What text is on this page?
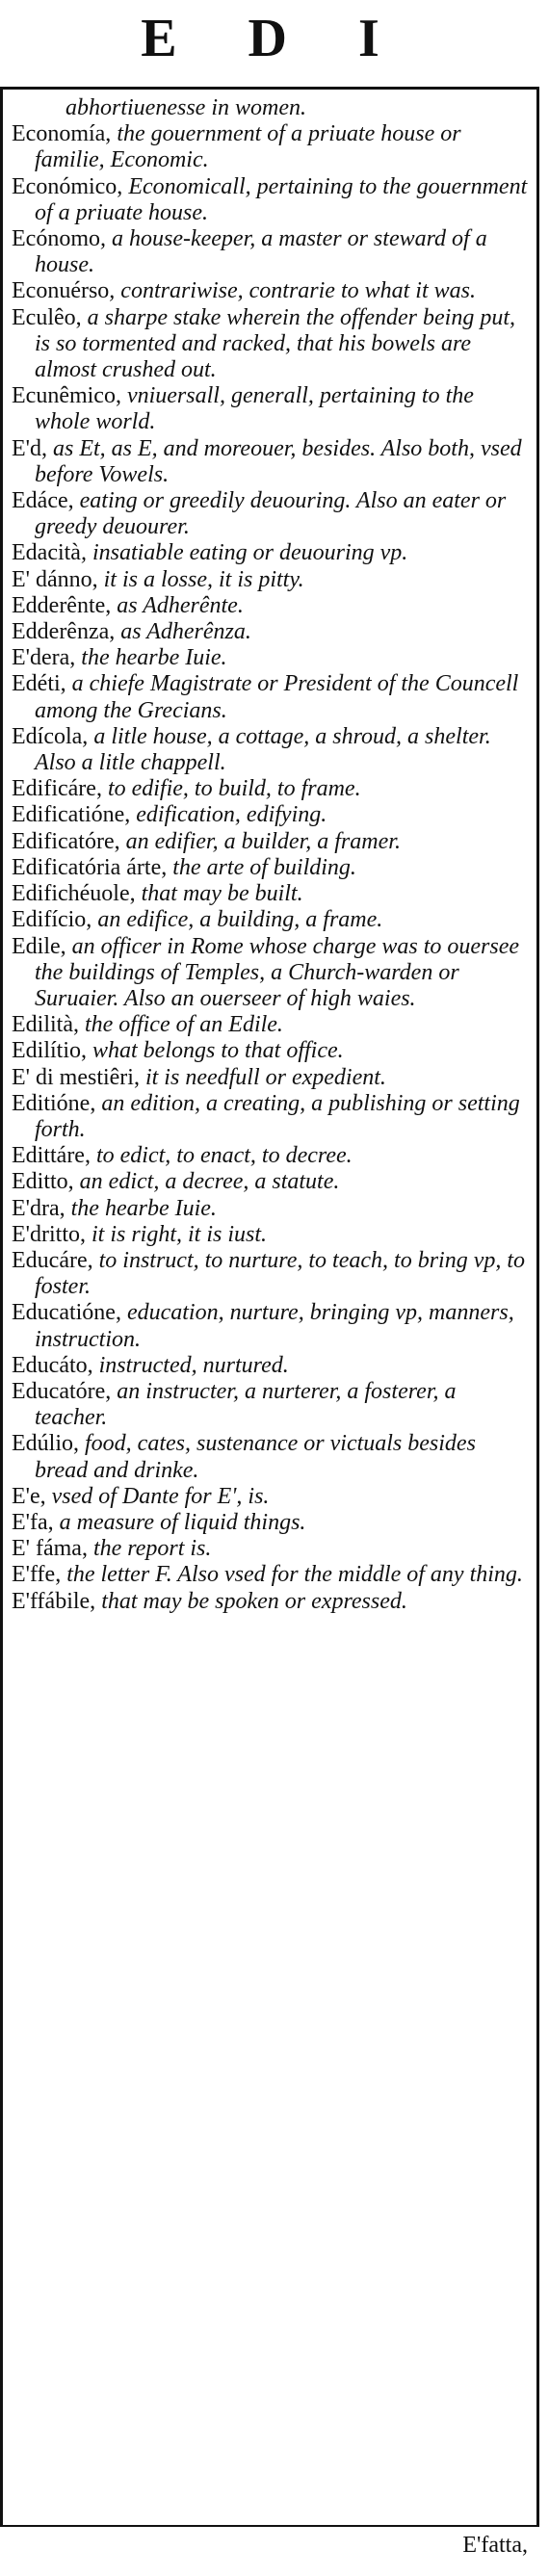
E D I

abhortiuenesse in women.

Economía, the gouernment of a priuate house or familie, Economic.

Económico, Economicall, pertaining to the gouernment of a priuate house.

Ecónomo, a house-keeper, a master or steward of a house.

Econuérso, contrariwise, contrarie to what it was.

Eculêo, a sharpe stake wherein the offender being put, is so tormented and racked, that his bowels are almost crushed out.

Ecunêmico, vniuersall, generall, pertaining to the whole world.

E'd, as Et, as E, and moreouer, besides. Also both, vsed before Vowels.

Edáce, eating or greedily deuouring. Also an eater or greedy deuourer.

Edacità, insatiable eating or deuouring vp.

E' dánno, it is a losse, it is pitty.

Edderênte, as Adherênte.

Edderênza, as Adherênza.

E'dera, the hearbe Iuie.

Edéti, a chiefe Magistrate or President of the Councell among the Grecians.

Edícola, a litle house, a cottage, a shroud, a shelter. Also a litle chappell.

Edificáre, to edifie, to build, to frame.

Edificatióne, edification, edifying.

Edificatóre, an edifier, a builder, a framer.

Edificatória árte, the arte of building.

Edifichéuole, that may be built.

Edifício, an edifice, a building, a frame.

Edile, an officer in Rome whose charge was to ouersee the buildings of Temples, a Church-warden or Suruaier. Also an ouerseer of high waies.

Edilità, the office of an Edile.

Edilítio, what belongs to that office.

E' di mestiêri, it is needfull or expedient.

Editióne, an edition, a creating, a publishing or setting forth.

Edittáre, to edict, to enact, to decree.

Editto, an edict, a decree, a statute.

E'dra, the hearbe Iuie.

E'dritto, it is right, it is iust.

Educáre, to instruct, to nurture, to teach, to bring vp, to foster.

Educatióne, education, nurture, bringing vp, manners, instruction.

Educáto, instructed, nurtured.

Educatóre, an instructer, a nurterer, a fosterer, a teacher.

Edúlio, food, cates, sustenance or victuals besides bread and drinke.

E'e, vsed of Dante for E', is.

E'fa, a measure of liquid things.

E' fáma, the report is.

E'ffe, the letter F. Also vsed for the middle of any thing.

E'ffábile, that may be spoken or expressed.

E'fatta,
